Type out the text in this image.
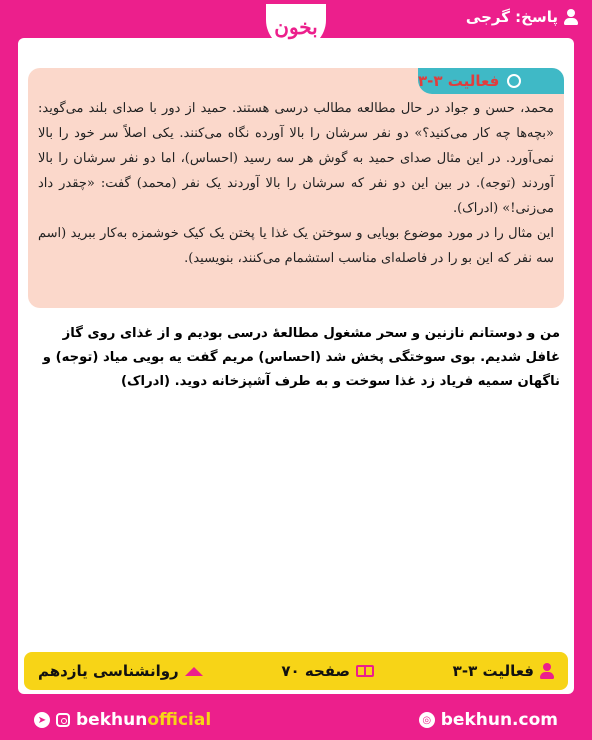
بخون	پاسخ: گرجی
فعالیت ۳-۳

محمد، حسن و جواد در حال مطالعه مطالب درسی هستند. حمید از دور با صدای بلند می‌گوید: «بچه‌ها چه کار می‌کنید؟» دو نفر سرشان را بالا آورده نگاه می‌کنند. یکی اصلاً سر خود را بالا نمی‌آورد. در این مثال صدای حمید به گوش هر سه رسید (احساس)، اما دو نفر سرشان را بالا آوردند (توجه). در بین این دو نفر که سرشان را بالا آوردند یک نفر (محمد) گفت: «چقدر داد می‌زنی!» (ادراک).

این مثال را در مورد موضوع بویایی و سوختن یک غذا یا پختن یک کیک خوشمزه به‌کار ببرید (اسم سه نفر که این بو را در فاصله‌ای مناسب استشمام می‌کنند، بنویسید).

من و دوستانم نازنین و سحر مشغول مطالعهٔ درسی بودیم و از غذای روی گاز غافل شدیم. بوی سوختگی پخش شد (احساس) مریم گفت یه بویی میاد (توجه) و ناگهان سمیه فریاد زد غذا سوخت و به طرف آشپزخانه دوید. (ادراک)
فعالیت ۳-۳
صفحه ۷۰
روانشناسی یازدهم
➤ bekhunofficial	◎ bekhun.com
